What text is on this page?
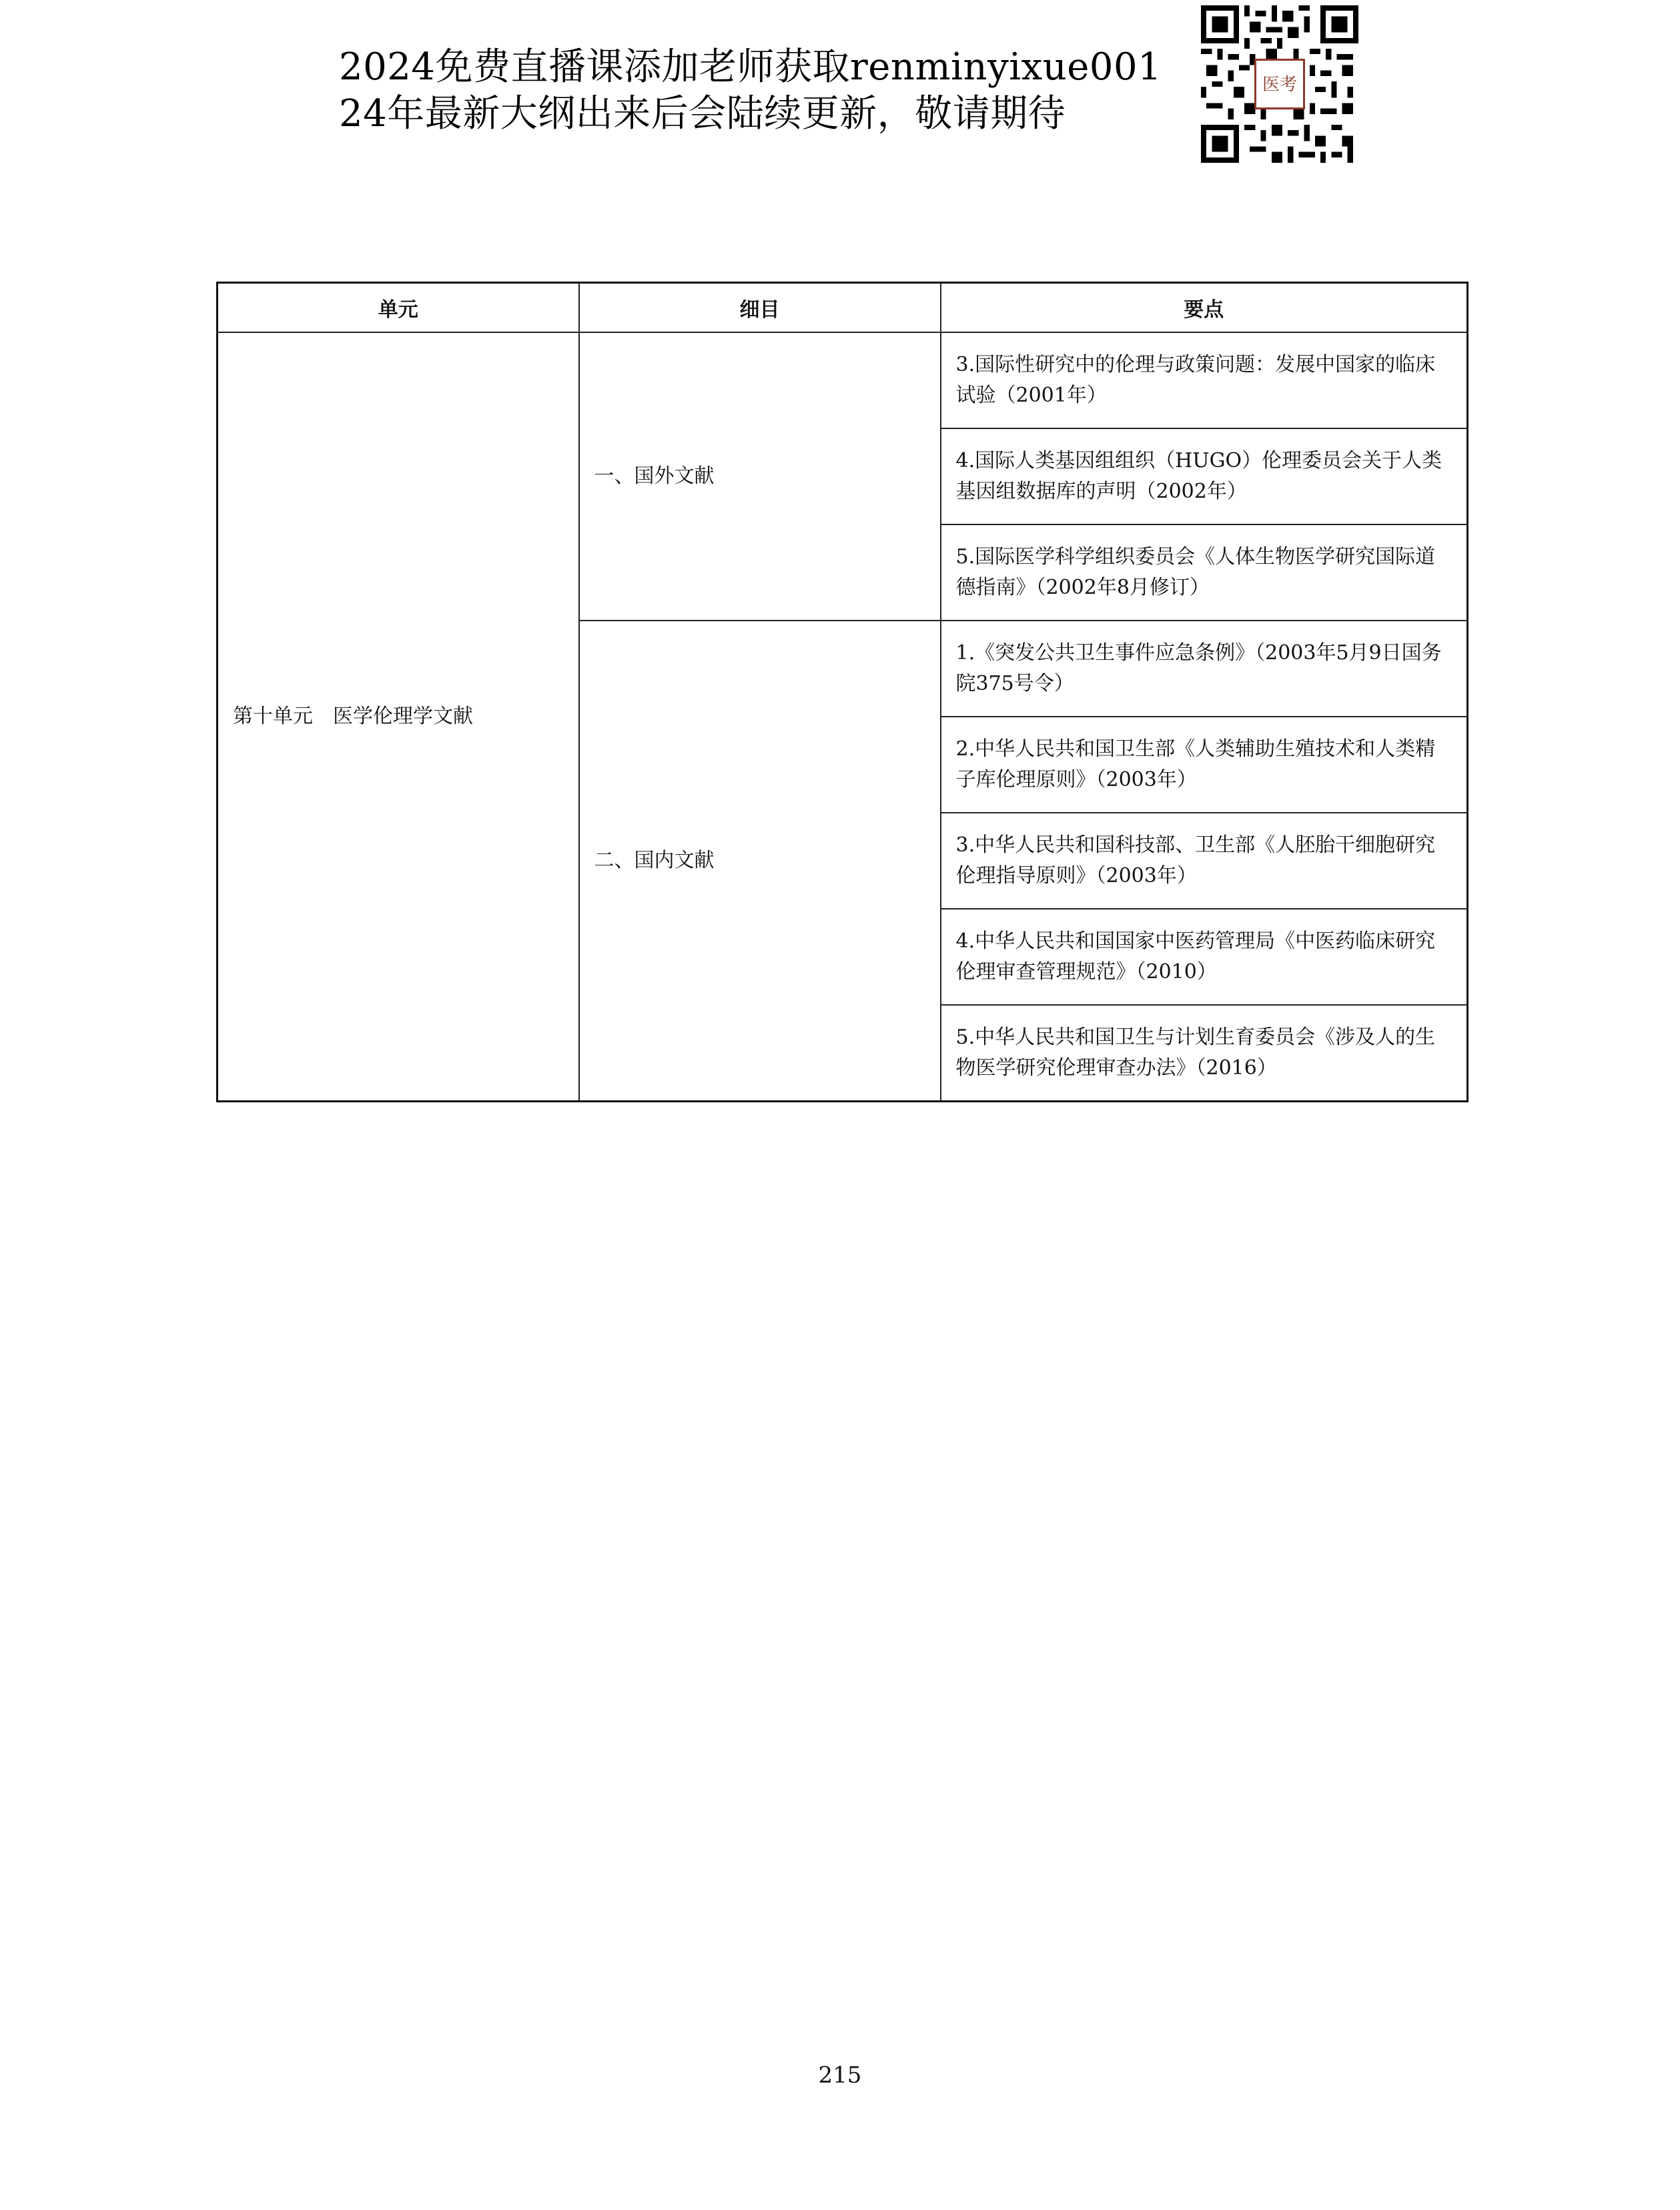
2024免费直播课添加老师获取renminyixue001
24年最新大纲出来后会陆续更新，敬请期待
医考
单元	细目	要点
第十单元　医学伦理学文献	一、国外文献	3.国际性研究中的伦理与政策问题：发展中国家的临床试验（2001年）
		4.国际人类基因组组织（HUGO）伦理委员会关于人类基因组数据库的声明（2002年）
		5.国际医学科学组织委员会《人体生物医学研究国际道德指南》（2002年8月修订）
	二、国内文献	1.《突发公共卫生事件应急条例》（2003年5月9日国务院375号令）
		2.中华人民共和国卫生部《人类辅助生殖技术和人类精子库伦理原则》（2003年）
		3.中华人民共和国科技部、卫生部《人胚胎干细胞研究伦理指导原则》（2003年）
		4.中华人民共和国国家中医药管理局《中医药临床研究伦理审查管理规范》（2010）
		5.中华人民共和国卫生与计划生育委员会《涉及人的生物医学研究伦理审查办法》（2016）
215
